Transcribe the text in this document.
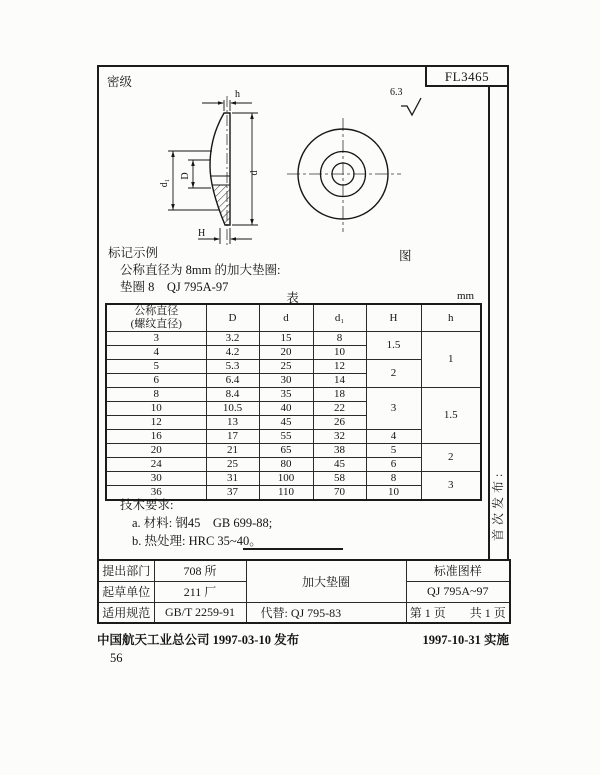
密级	FL3465
首次发布:
6.3
h
d
d₁
D
H
图
标记示例
公称直径为 8mm 的加大垫圈:
垫圈 8　QJ 795A-97
表	mm
公称直径
(螺纹直径)	D	d	d₁	H	h
3	3.2	15	8	1.5	1
4	4.2	20	10		
5	5.3	25	12	2	
6	6.4	30	14		
8	8.4	35	18	3	1.5
10	10.5	40	22		
12	13	45	26		
16	17	55	32	4	
20	21	65	38	5	2
24	25	80	45	6	
30	31	100	58	8	3
36	37	110	70	10	
技术要求:
a. 材料: 钢45　GB 699-88;
b. 热处理: HRC 35~40。
提出部门	708 所	加大垫圈	标准图样
起草单位	211 厂		QJ 795A~97
适用规范	GB/T 2259-91	代替: QJ 795-83	第 1 页　　共 1 页
中国航天工业总公司 1997-03-10 发布	1997-10-31 实施
56
